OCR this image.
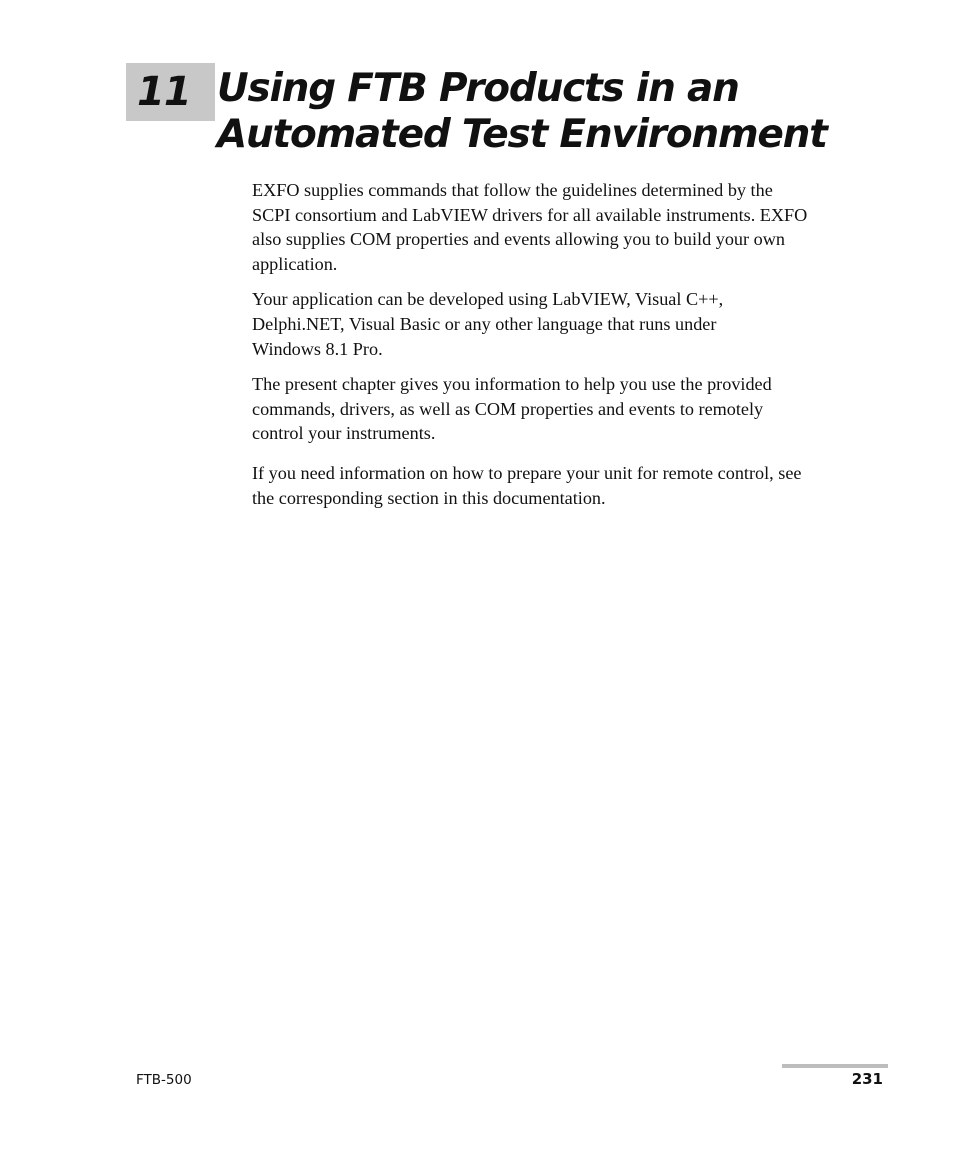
11 Using FTB Products in an
Automated Test Environment

EXFO supplies commands that follow the guidelines determined by the
SCPI consortium and LabVIEW drivers for all available instruments. EXFO
also supplies COM properties and events allowing you to build your own
application.

Your application can be developed using LabVIEW, Visual C++,
Delphi.NET, Visual Basic or any other language that runs under
Windows 8.1 Pro.

The present chapter gives you information to help you use the provided
commands, drivers, as well as COM properties and events to remotely
control your instruments.

If you need information on how to prepare your unit for remote control, see
the corresponding section in this documentation.

FTB-500	231
